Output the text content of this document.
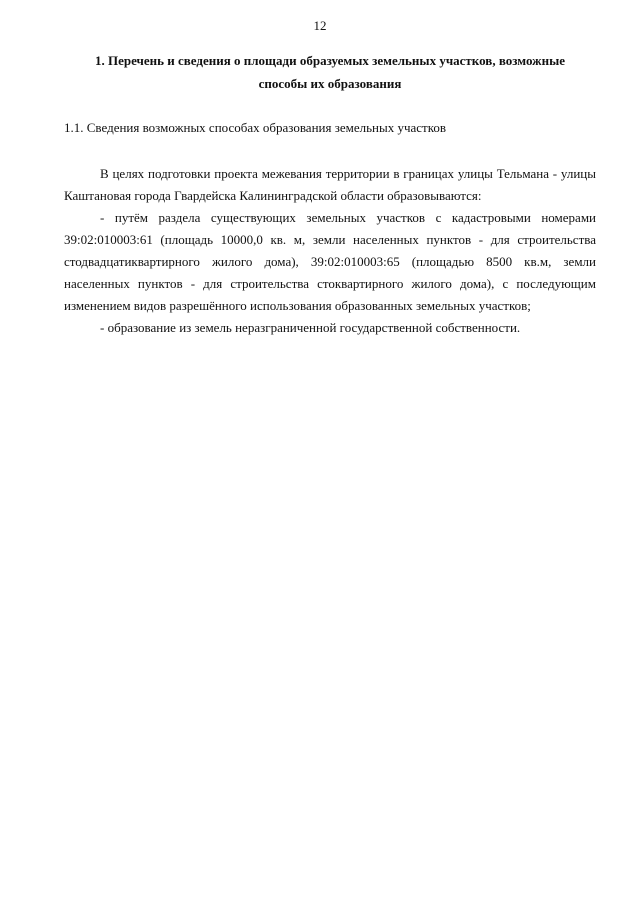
12
1. Перечень и сведения о площади образуемых земельных участков, возможные
способы их образования
1.1. Сведения возможных способах образования земельных участков

В целях подготовки проекта межевания территории в границах улицы Тельмана - улицы Каштановая города Гвардейска Калининградской области образовываются:

- путём раздела существующих земельных участков с кадастровыми номерами 39:02:010003:61 (площадь 10000,0 кв. м, земли населенных пунктов - для строительства стодвадцатиквартирного жилого дома), 39:02:010003:65 (площадью 8500 кв.м, земли населенных пунктов - для строительства стоквартирного жилого дома), с последующим изменением видов разрешённого использования образованных земельных участков;

- образование из земель неразграниченной государственной собственности.
